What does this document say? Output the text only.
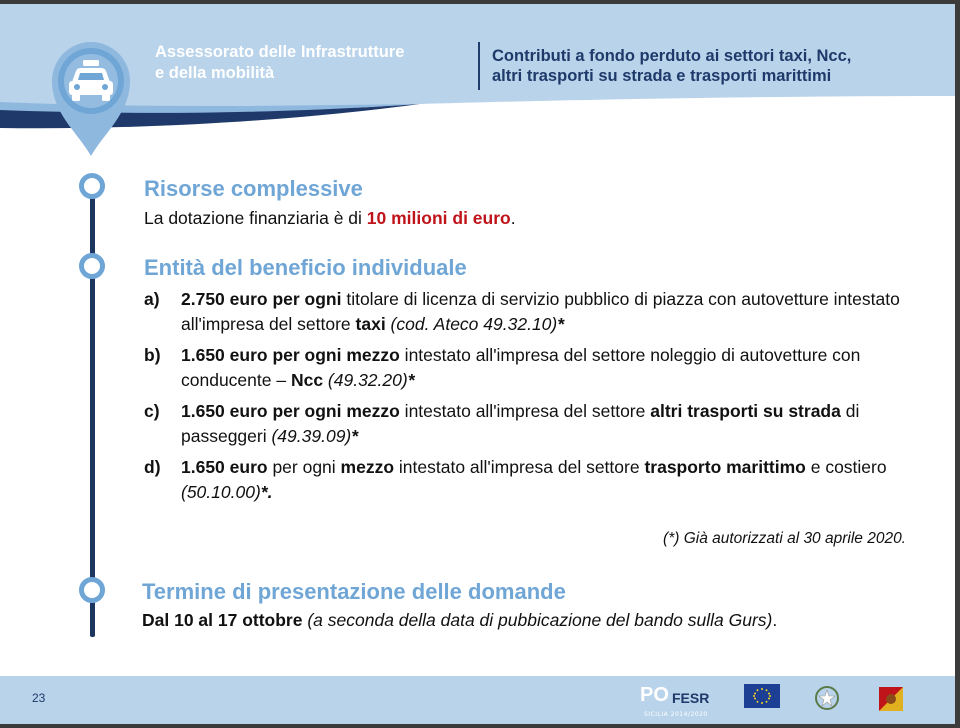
Assessorato delle Infrastrutture
e della mobilità
Contributi a fondo perduto ai settori taxi, Ncc,
altri trasporti su strada e trasporti marittimi
Risorse complessive
La dotazione finanziaria è di 10 milioni di euro.
Entità del beneficio individuale
a) 2.750 euro per ogni titolare di licenza di servizio pubblico di piazza con autovetture intestato all'impresa del settore taxi (cod. Ateco 49.32.10)*
b) 1.650 euro per ogni mezzo intestato all'impresa del settore noleggio di autovetture con conducente – Ncc (49.32.20)*
c) 1.650 euro per ogni mezzo intestato all'impresa del settore altri trasporti su strada di passeggeri (49.39.09)*
d) 1.650 euro per ogni mezzo intestato all'impresa del settore trasporto marittimo e costiero (50.10.00)*.
(*) Già autorizzati al 30 aprile 2020.
Termine di presentazione delle domande
Dal 10 al 17 ottobre (a seconda della data di pubbicazione del bando sulla Gurs).
23	PO FESR
SICILIA 2014/2020
